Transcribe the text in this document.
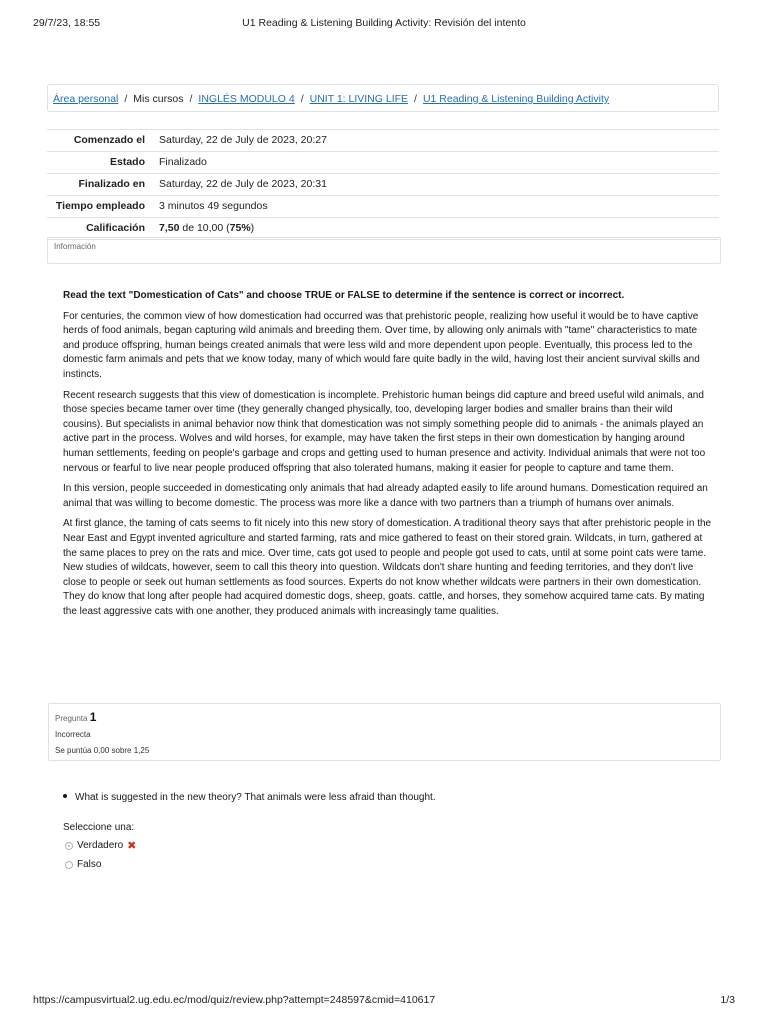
29/7/23, 18:55	U1 Reading & Listening Building Activity: Revisión del intento
Área personal / Mis cursos / INGLÉS MODULO 4 / UNIT 1: LIVING LIFE / U1 Reading & Listening Building Activity
Comenzado el	Saturday, 22 de July de 2023, 20:27
Estado	Finalizado
Finalizado en	Saturday, 22 de July de 2023, 20:31
Tiempo empleado	3 minutos 49 segundos
Calificación	7,50 de 10,00 (75%)
Información

Read the text "Domestication of Cats" and choose TRUE or FALSE to determine if the sentence is correct or incorrect.

For centuries, the common view of how domestication had occurred was that prehistoric people, realizing how useful it would be to have captive herds of food animals, began capturing wild animals and breeding them. Over time, by allowing only animals with "tame" characteristics to mate and produce offspring, human beings created animals that were less wild and more dependent upon people. Eventually, this process led to the domestic farm animals and pets that we know today, many of which would fare quite badly in the wild, having lost their ancient survival skills and instincts.

Recent research suggests that this view of domestication is incomplete. Prehistoric human beings did capture and breed useful wild animals, and those species became tamer over time (they generally changed physically, too, developing larger bodies and smaller brains than their wild cousins). But specialists in animal behavior now think that domestication was not simply something people did to animals - the animals played an active part in the process. Wolves and wild horses, for example, may have taken the first steps in their own domestication by hanging around human settlements, feeding on people's garbage and crops and getting used to human presence and activity. Individual animals that were not too nervous or fearful to live near people produced offspring that also tolerated humans, making it easier for people to capture and tame them.

In this version, people succeeded in domesticating only animals that had already adapted easily to life around humans. Domestication required an animal that was willing to become domestic. The process was more like a dance with two partners than a triumph of humans over animals.

At first glance, the taming of cats seems to fit nicely into this new story of domestication. A traditional theory says that after prehistoric people in the Near East and Egypt invented agriculture and started farming, rats and mice gathered to feast on their stored grain. Wildcats, in turn, gathered at the same places to prey on the rats and mice. Over time, cats got used to people and people got used to cats, until at some point cats were tame. New studies of wildcats, however, seem to call this theory into question. Wildcats don't share hunting and feeding territories, and they don't live close to people or seek out human settlements as food sources. Experts do not know whether wildcats were partners in their own domestication. They do know that long after people had acquired domestic dogs, sheep, goats. cattle, and horses, they somehow acquired tame cats. By mating the least aggressive cats with one another, they produced animals with increasingly tame qualities.

Pregunta 1
Incorrecta
Se puntúa 0,00 sobre 1,25
What is suggested in the new theory? That animals were less afraid than thought.
Seleccione una:
Verdadero ✖
Falso
https://campusvirtual2.ug.edu.ec/mod/quiz/review.php?attempt=248597&cmid=410617	1/3
